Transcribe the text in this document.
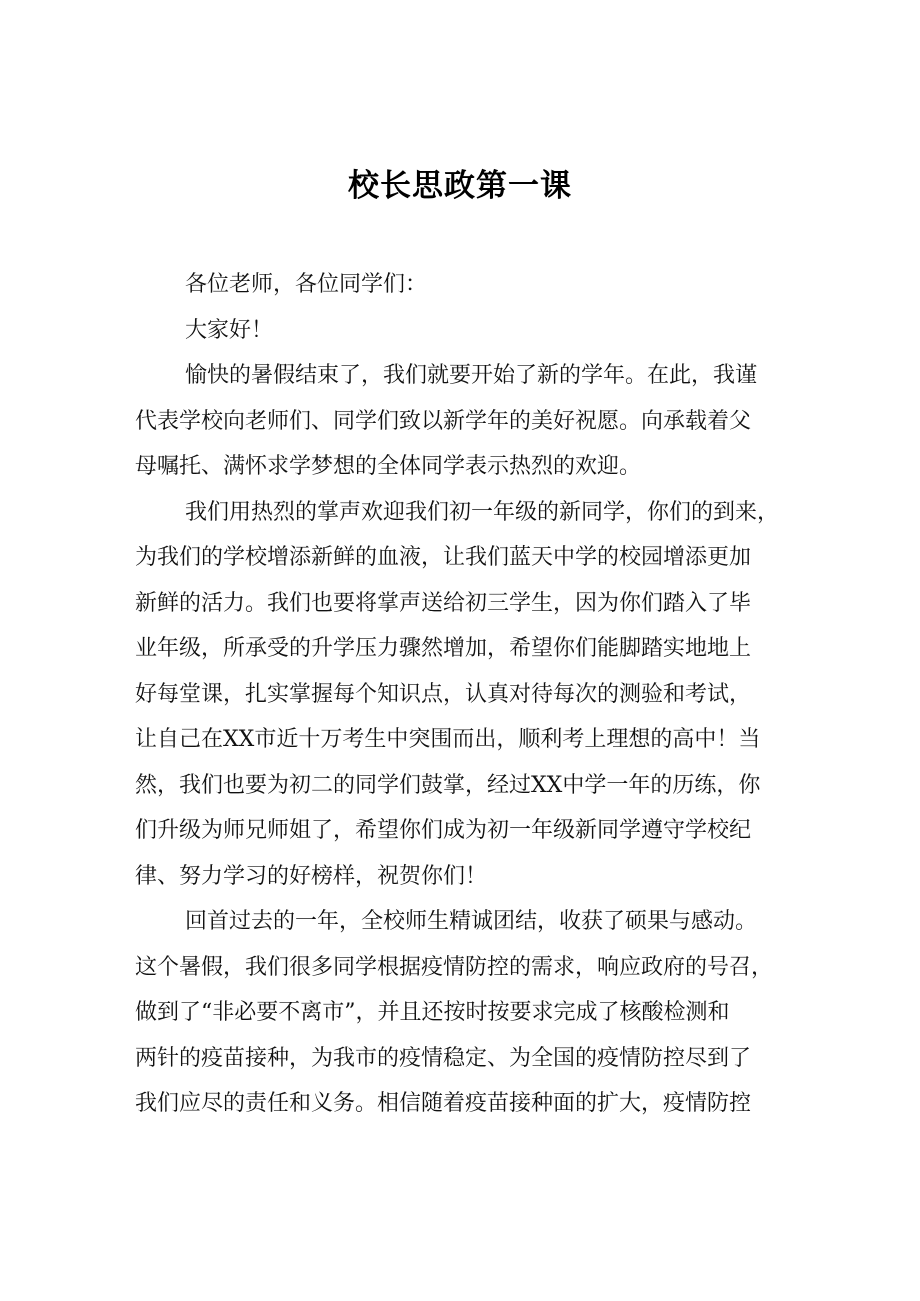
校长思政第一课
各位老师，各位同学们：
大家好！
愉快的暑假结束了，我们就要开始了新的学年。在此，我谨
代表学校向老师们、同学们致以新学年的美好祝愿。向承载着父
母嘱托、满怀求学梦想的全体同学表示热烈的欢迎。
我们用热烈的掌声欢迎我们初一年级的新同学，你们的到来，
为我们的学校增添新鲜的血液，让我们蓝天中学的校园增添更加
新鲜的活力。我们也要将掌声送给初三学生，因为你们踏入了毕
业年级，所承受的升学压力骤然增加，希望你们能脚踏实地地上
好每堂课，扎实掌握每个知识点，认真对待每次的测验和考试，
让自己在XX市近十万考生中突围而出，顺利考上理想的高中！当
然，我们也要为初二的同学们鼓掌，经过XX中学一年的历练，你
们升级为师兄师姐了，希望你们成为初一年级新同学遵守学校纪
律、努力学习的好榜样，祝贺你们！
回首过去的一年，全校师生精诚团结，收获了硕果与感动。
这个暑假，我们很多同学根据疫情防控的需求，响应政府的号召，
做到了“非必要不离市”，并且还按时按要求完成了核酸检测和
两针的疫苗接种，为我市的疫情稳定、为全国的疫情防控尽到了
我们应尽的责任和义务。相信随着疫苗接种面的扩大，疫情防控
